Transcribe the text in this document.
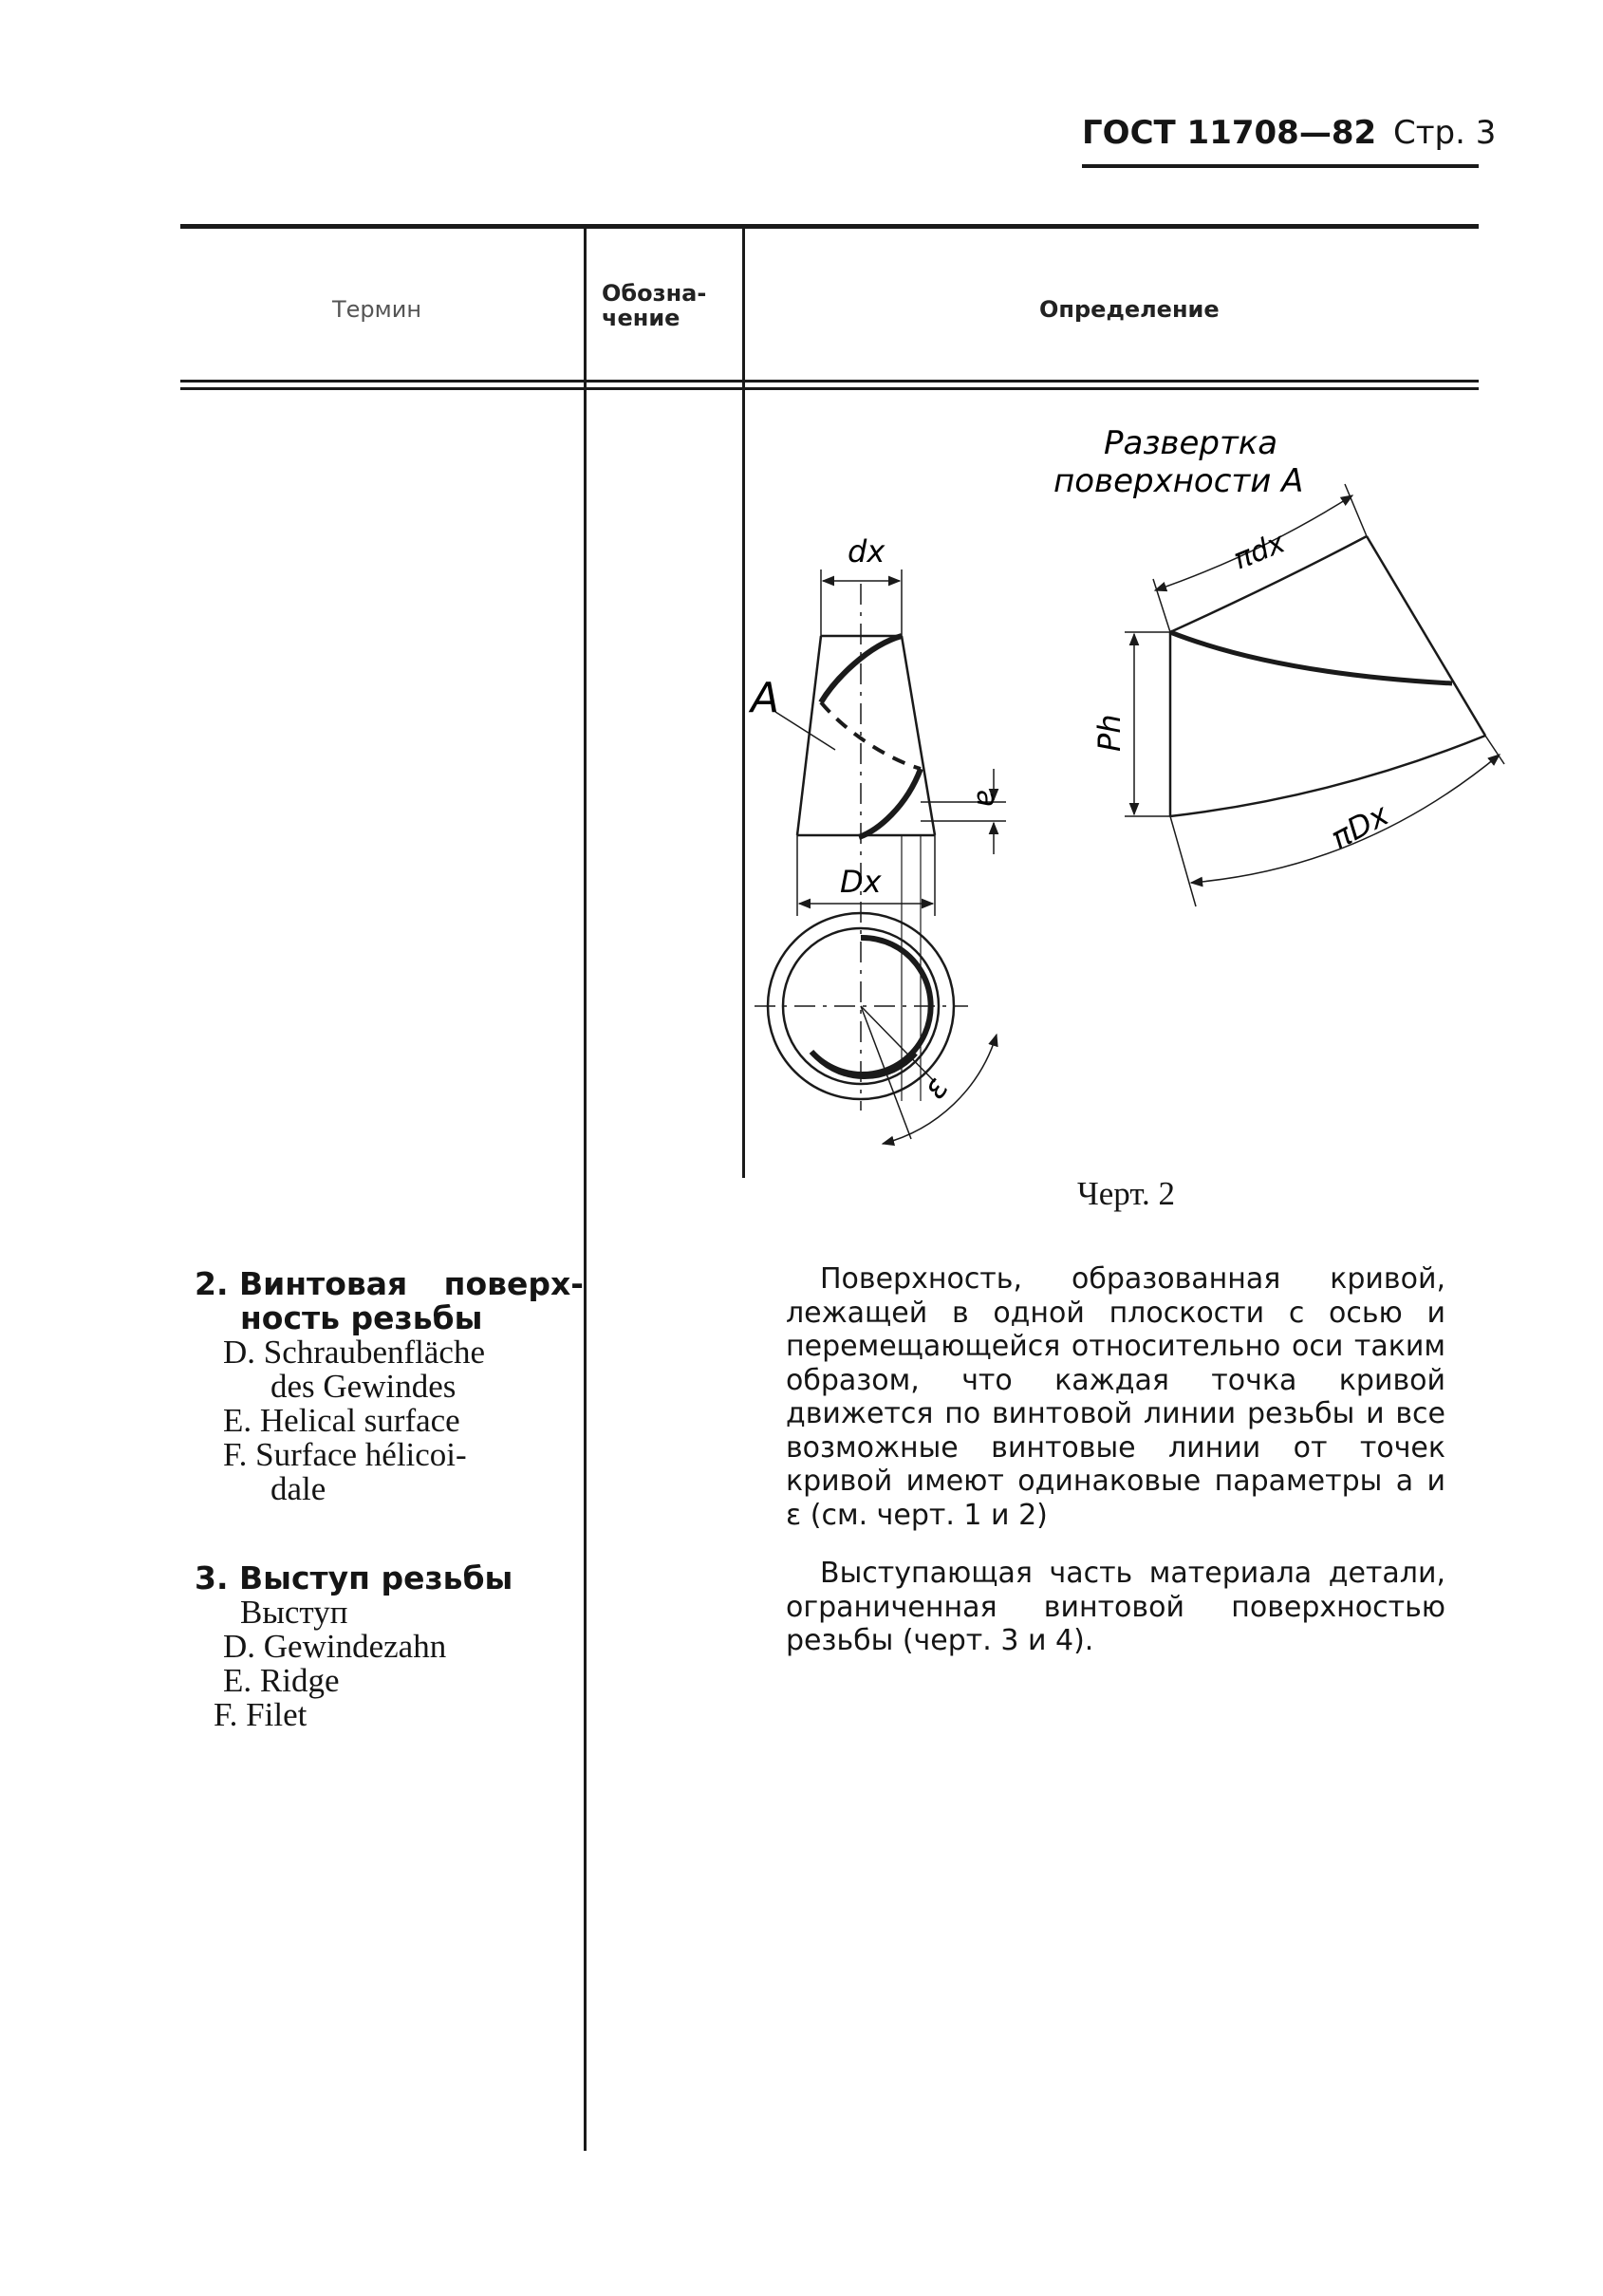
ГОСТ 11708—82 Стр. 3
Термин
Обозна-
чение	Определение
Развертка
поверхности A
dx
Dx
A
a
ε
πdx
Ph
πDx
Черт. 2
2. Винтовая поверх-
ность резьбы
D. Schraubenfläche
des Gewindes
E. Helical surface
F. Surface hélicoi-
dale
Поверхность, образованная кривой, лежащей в одной плоскости с осью и перемещающейся относительно оси таким образом, что каждая точка кривой движется по винтовой линии резьбы и все возможные винтовые линии от точек кривой имеют одинаковые параметры a и ε (см. черт. 1 и 2)
3. Выступ резьбы
Выступ
D. Gewindezahn
E. Ridge
F. Filet
Выступающая часть материала детали, ограниченная винтовой поверхностью резьбы (черт. 3 и 4).
